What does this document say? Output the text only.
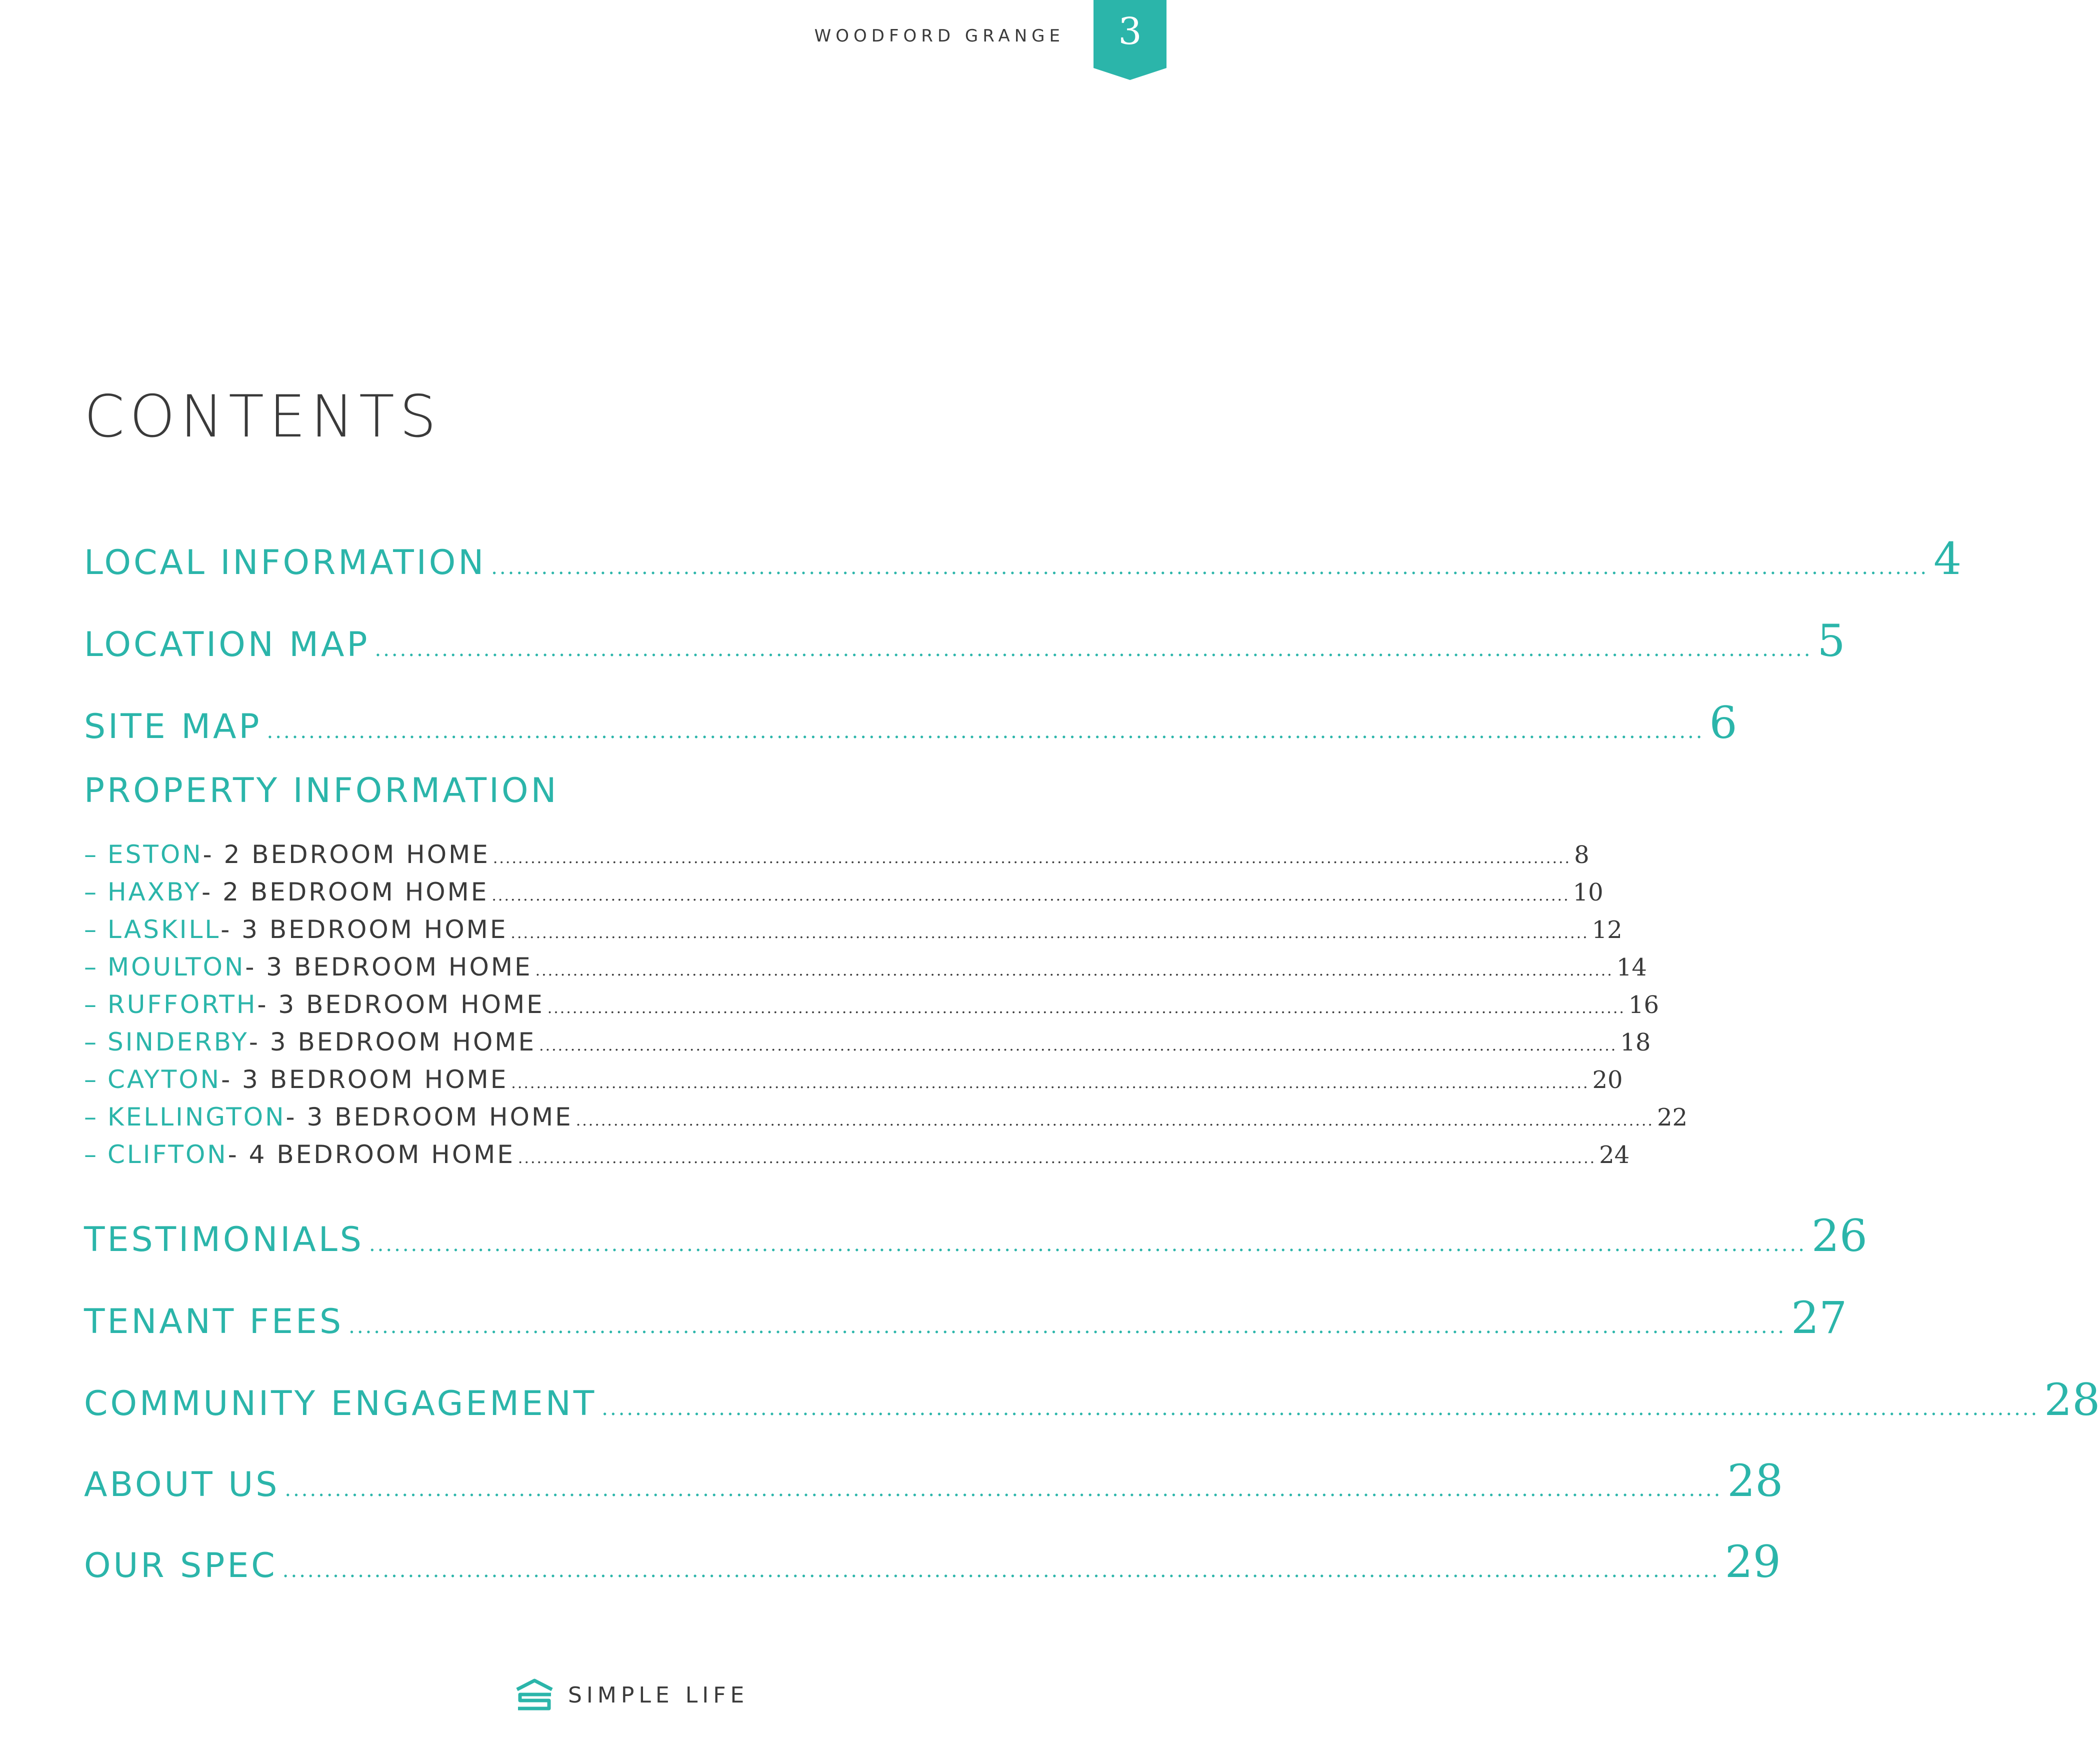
WOODFORD GRANGE	3
CONTENTS
LOCAL INFORMATION ............................................................................................................................................................................ 4
LOCATION MAP ............................................................................................................................................................................ 5
SITE MAP ............................................................................................................................................................................ 6
PROPERTY INFORMATION
– ESTON - 2 BEDROOM HOME ............................................................................................................................................................................ 8
– HAXBY - 2 BEDROOM HOME ............................................................................................................................................................................ 10
– LASKILL - 3 BEDROOM HOME ............................................................................................................................................................................ 12
– MOULTON - 3 BEDROOM HOME ............................................................................................................................................................................ 14
– RUFFORTH - 3 BEDROOM HOME ............................................................................................................................................................................ 16
– SINDERBY - 3 BEDROOM HOME ............................................................................................................................................................................ 18
– CAYTON - 3 BEDROOM HOME ............................................................................................................................................................................ 20
– KELLINGTON - 3 BEDROOM HOME ............................................................................................................................................................................ 22
– CLIFTON - 4 BEDROOM HOME ............................................................................................................................................................................ 24
TESTIMONIALS ............................................................................................................................................................................ 26
TENANT FEES ............................................................................................................................................................................ 27
COMMUNITY ENGAGEMENT ............................................................................................................................................................................ 28
ABOUT US ............................................................................................................................................................................ 28
OUR SPEC ............................................................................................................................................................................ 29
SIMPLE LIFE
